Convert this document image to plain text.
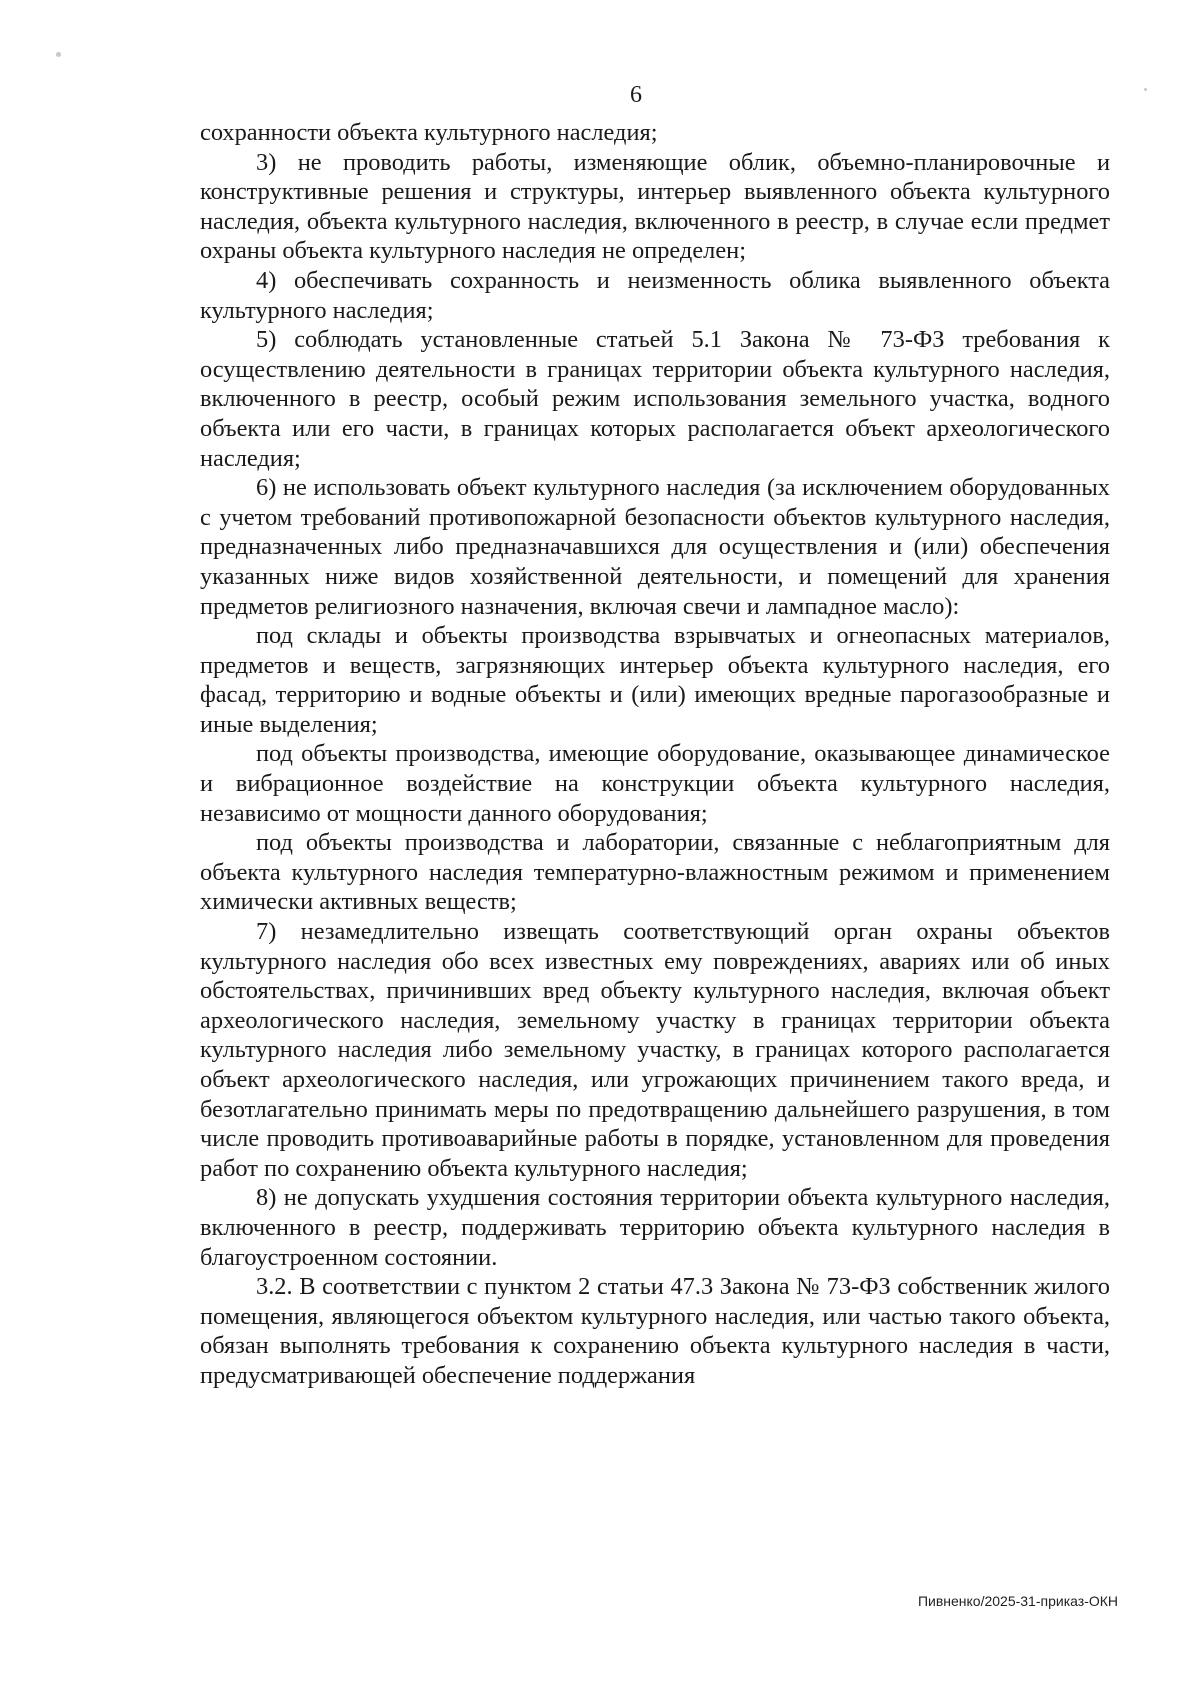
6

сохранности объекта культурного наследия;

3) не проводить работы, изменяющие облик, объемно-планировочные и конструктивные решения и структуры, интерьер выявленного объекта культурного наследия, объекта культурного наследия, включенного в реестр, в случае если предмет охраны объекта культурного наследия не определен;

4) обеспечивать сохранность и неизменность облика выявленного объекта культурного наследия;

5) соблюдать установленные статьей 5.1 Закона № 73-ФЗ требования к осуществлению деятельности в границах территории объекта культурного наследия, включенного в реестр, особый режим использования земельного участка, водного объекта или его части, в границах которых располагается объект археологического наследия;

6) не использовать объект культурного наследия (за исключением оборудованных с учетом требований противопожарной безопасности объектов культурного наследия, предназначенных либо предназначавшихся для осуществления и (или) обеспечения указанных ниже видов хозяйственной деятельности, и помещений для хранения предметов религиозного назначения, включая свечи и лампадное масло):

под склады и объекты производства взрывчатых и огнеопасных материалов, предметов и веществ, загрязняющих интерьер объекта культурного наследия, его фасад, территорию и водные объекты и (или) имеющих вредные парогазообразные и иные выделения;

под объекты производства, имеющие оборудование, оказывающее динамическое и вибрационное воздействие на конструкции объекта культурного наследия, независимо от мощности данного оборудования;

под объекты производства и лаборатории, связанные с неблагоприятным для объекта культурного наследия температурно-влажностным режимом и применением химически активных веществ;

7) незамедлительно извещать соответствующий орган охраны объектов культурного наследия обо всех известных ему повреждениях, авариях или об иных обстоятельствах, причинивших вред объекту культурного наследия, включая объект археологического наследия, земельному участку в границах территории объекта культурного наследия либо земельному участку, в границах которого располагается объект археологического наследия, или угрожающих причинением такого вреда, и безотлагательно принимать меры по предотвращению дальнейшего разрушения, в том числе проводить противоаварийные работы в порядке, установленном для проведения работ по сохранению объекта культурного наследия;

8) не допускать ухудшения состояния территории объекта культурного наследия, включенного в реестр, поддерживать территорию объекта культурного наследия в благоустроенном состоянии.

3.2. В соответствии с пунктом 2 статьи 47.3 Закона № 73-ФЗ собственник жилого помещения, являющегося объектом культурного наследия, или частью такого объекта, обязан выполнять требования к сохранению объекта культурного наследия в части, предусматривающей обеспечение поддержания

Пивненко/2025-31-приказ-ОКН
